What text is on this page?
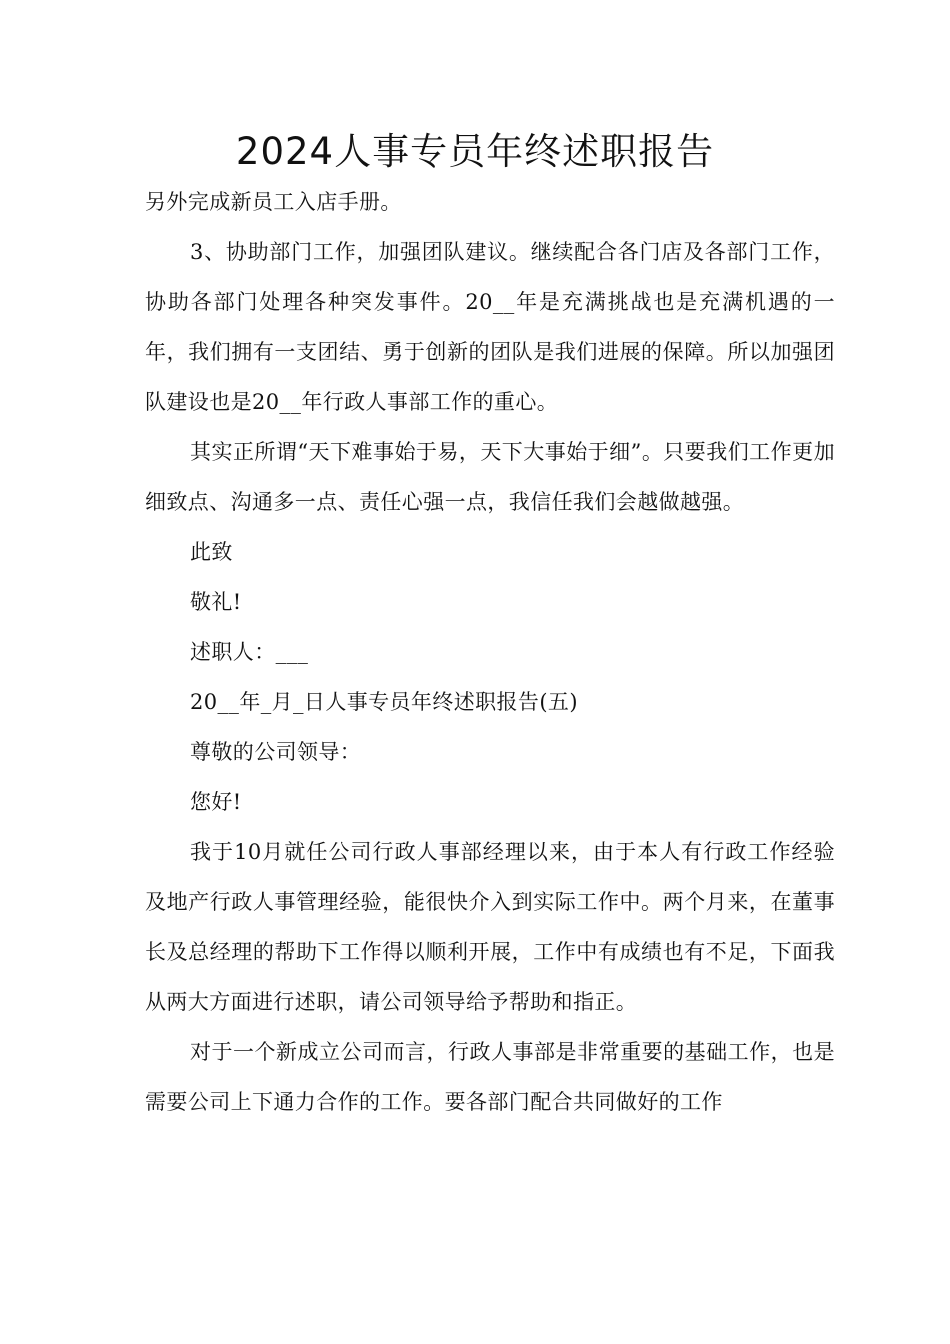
2024人事专员年终述职报告

另外完成新员工入店手册。

3、协助部门工作，加强团队建议。继续配合各门店及各部门工作，协助各部门处理各种突发事件。20__年是充满挑战也是充满机遇的一年，我们拥有一支团结、勇于创新的团队是我们进展的保障。所以加强团队建设也是20__年行政人事部工作的重心。

其实正所谓“天下难事始于易，天下大事始于细”。只要我们工作更加细致点、沟通多一点、责任心强一点，我信任我们会越做越强。

此致

敬礼!

述职人：___

20__年_月_日人事专员年终述职报告(五)

尊敬的公司领导：

您好!

我于10月就任公司行政人事部经理以来，由于本人有行政工作经验及地产行政人事管理经验，能很快介入到实际工作中。两个月来，在董事长及总经理的帮助下工作得以顺利开展，工作中有成绩也有不足，下面我从两大方面进行述职，请公司领导给予帮助和指正。

对于一个新成立公司而言，行政人事部是非常重要的基础工作，也是需要公司上下通力合作的工作。要各部门配合共同做好的工作
